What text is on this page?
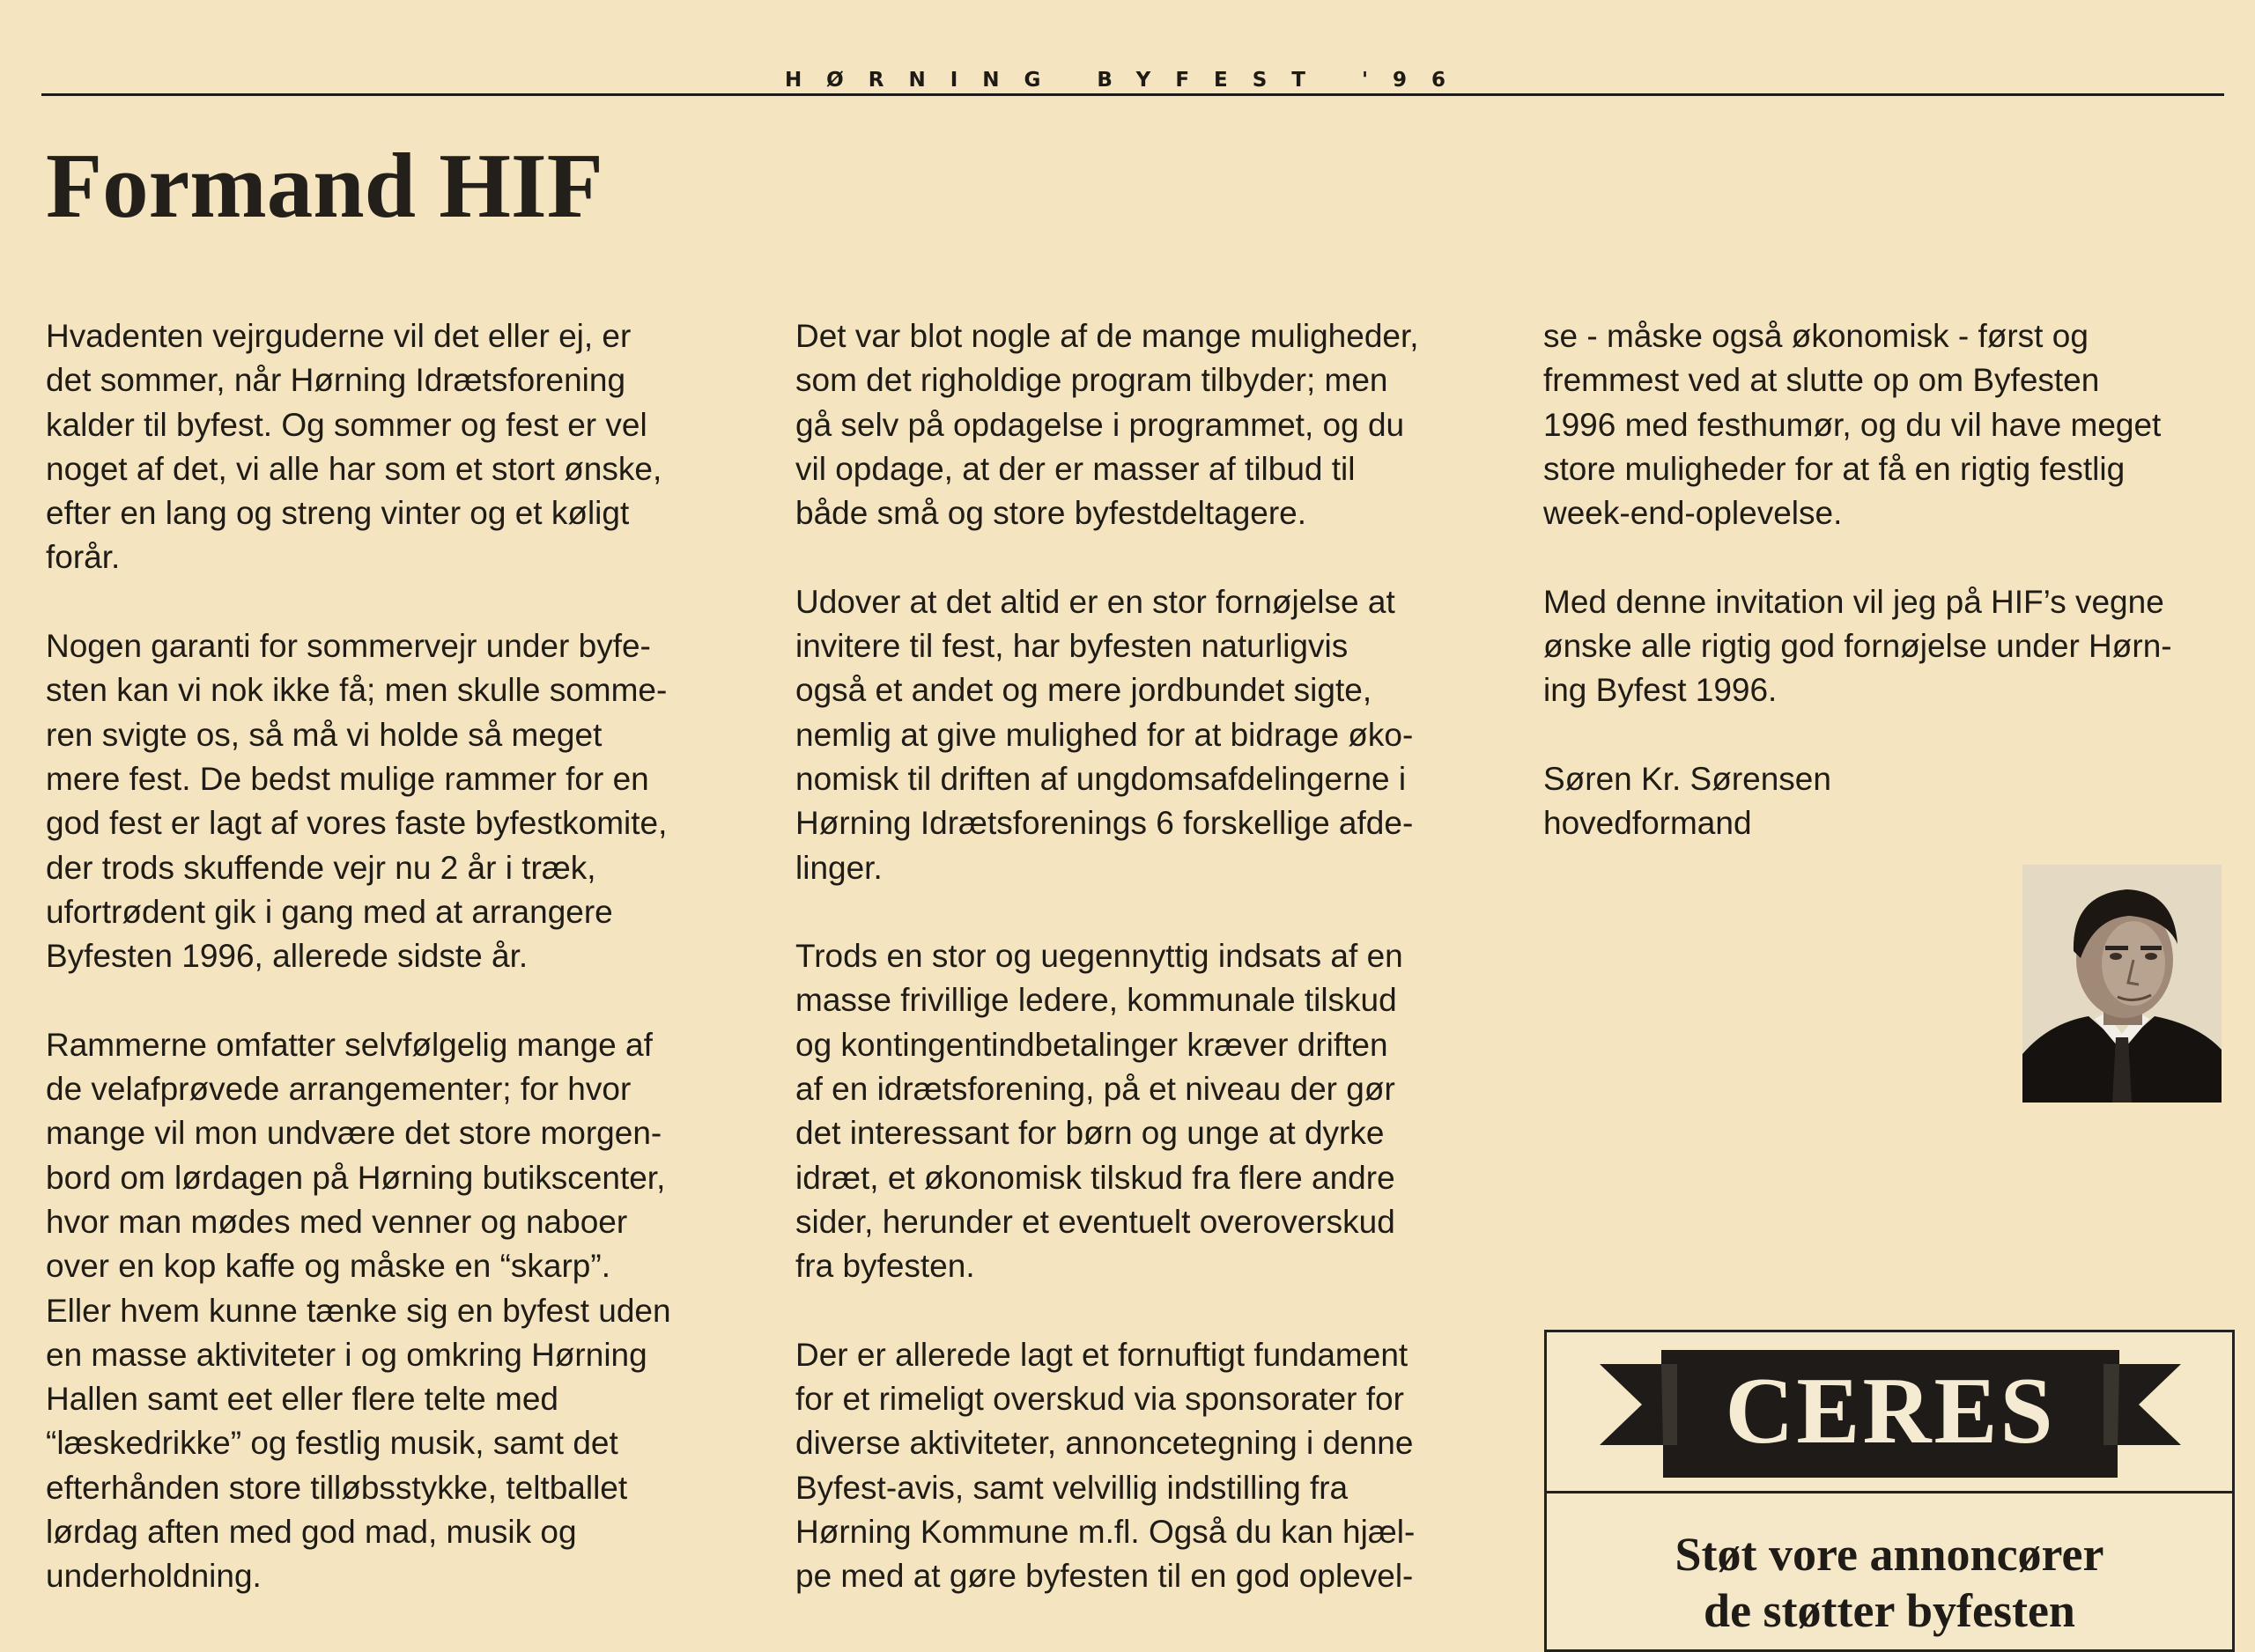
HØRNING BYFEST '96
Formand HIF

Hvadenten vejrguderne vil det eller ej, er
det sommer, når Hørning Idrætsforening
kalder til byfest. Og sommer og fest er vel
noget af det, vi alle har som et stort ønske,
efter en lang og streng vinter og et køligt
forår.

Nogen garanti for sommervejr under byfe-
sten kan vi nok ikke få; men skulle somme-
ren svigte os, så må vi holde så meget
mere fest. De bedst mulige rammer for en
god fest er lagt af vores faste byfestkomite,
der trods skuffende vejr nu 2 år i træk,
ufortrødent gik i gang med at arrangere
Byfesten 1996, allerede sidste år.

Rammerne omfatter selvfølgelig mange af
de velafprøvede arrangementer; for hvor
mange vil mon undvære det store morgen-
bord om lørdagen på Hørning butikscenter,
hvor man mødes med venner og naboer
over en kop kaffe og måske en “skarp”.
Eller hvem kunne tænke sig en byfest uden
en masse aktiviteter i og omkring Hørning
Hallen samt eet eller flere telte med
“læskedrikke” og festlig musik, samt det
efterhånden store tilløbsstykke, teltballet
lørdag aften med god mad, musik og
underholdning.

Det var blot nogle af de mange muligheder,
som det righoldige program tilbyder; men
gå selv på opdagelse i programmet, og du
vil opdage, at der er masser af tilbud til
både små og store byfestdeltagere.

Udover at det altid er en stor fornøjelse at
invitere til fest, har byfesten naturligvis
også et andet og mere jordbundet sigte,
nemlig at give mulighed for at bidrage øko-
nomisk til driften af ungdomsafdelingerne i
Hørning Idrætsforenings 6 forskellige afde-
linger.

Trods en stor og uegennyttig indsats af en
masse frivillige ledere, kommunale tilskud
og kontingentindbetalinger kræver driften
af en idrætsforening, på et niveau der gør
det interessant for børn og unge at dyrke
idræt, et økonomisk tilskud fra flere andre
sider, herunder et eventuelt overoverskud
fra byfesten.

Der er allerede lagt et fornuftigt fundament
for et rimeligt overskud via sponsorater for
diverse aktiviteter, annoncetegning i denne
Byfest-avis, samt velvillig indstilling fra
Hørning Kommune m.fl. Også du kan hjæl-
pe med at gøre byfesten til en god oplevel-

se - måske også økonomisk - først og
fremmest ved at slutte op om Byfesten
1996 med festhumør, og du vil have meget
store muligheder for at få en rigtig festlig
week-end-oplevelse.

Med denne invitation vil jeg på HIF’s vegne
ønske alle rigtig god fornøjelse under Hørn-
ing Byfest 1996.

Søren Kr. Sørensen
hovedformand

CERES
Støt vore annoncører
de støtter byfesten
